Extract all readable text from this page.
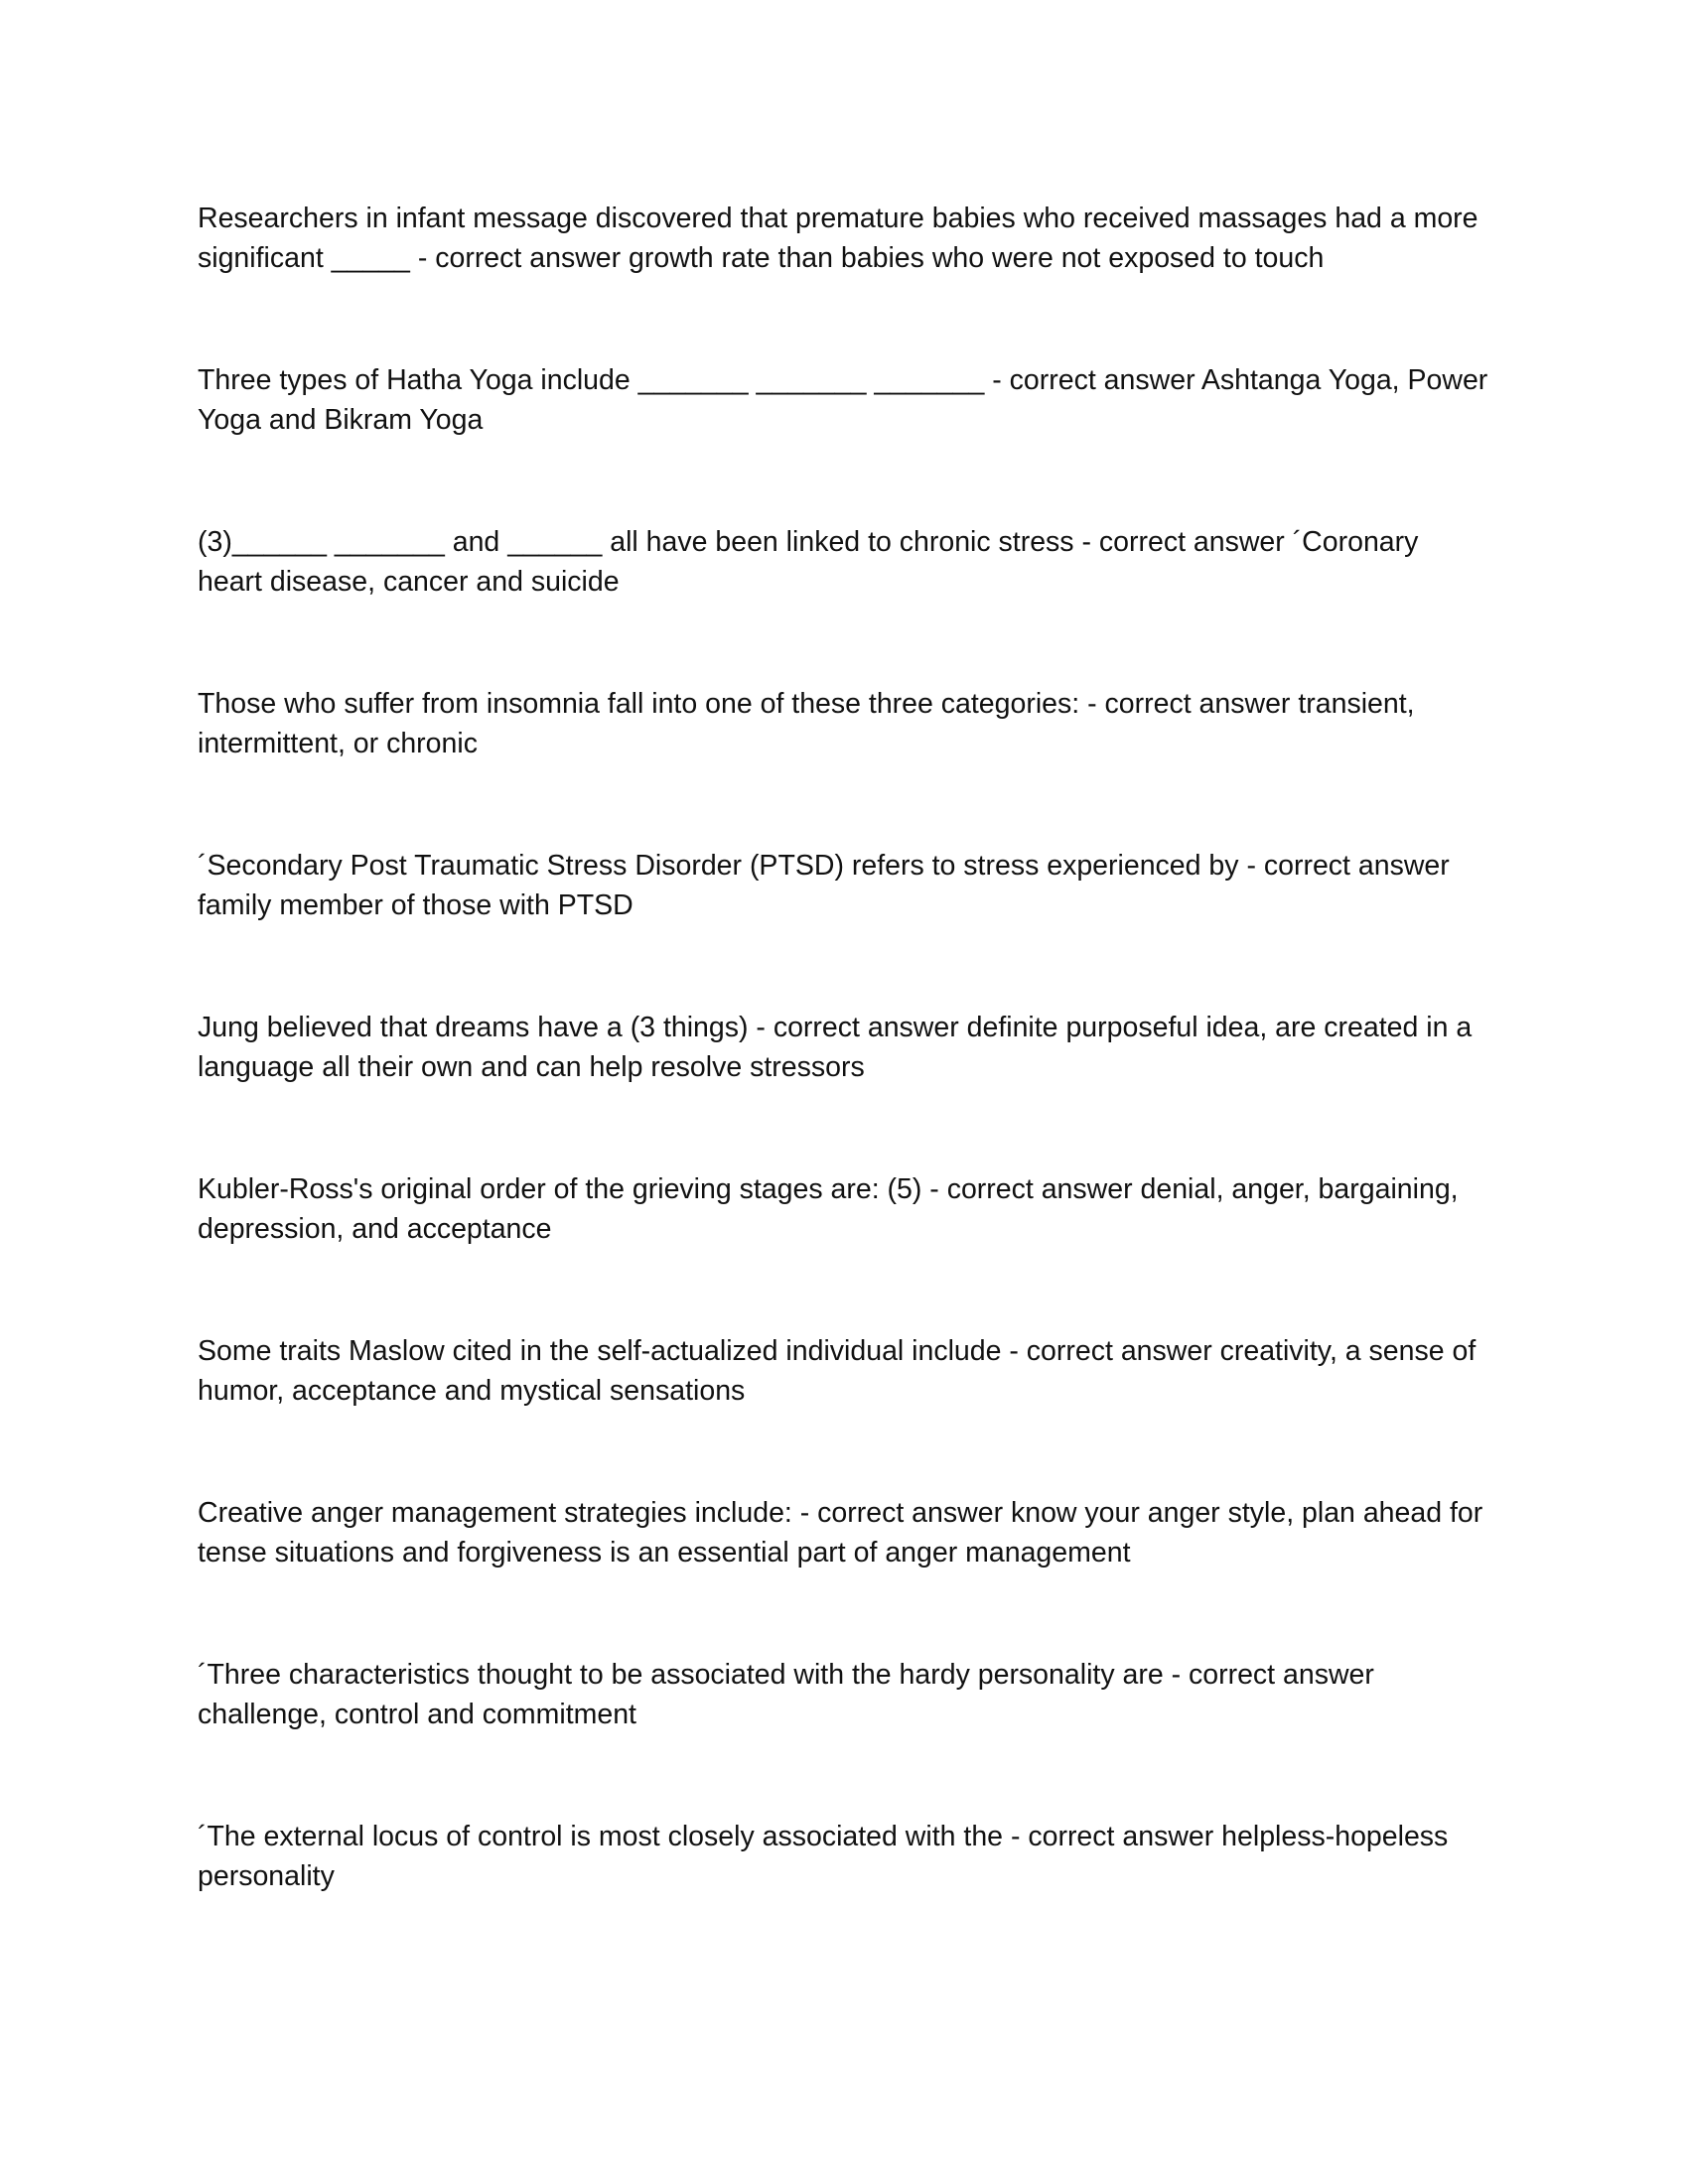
Researchers in infant message discovered that premature babies who received massages had a more significant _____ - correct answer growth rate than babies who were not exposed to touch

Three types of Hatha Yoga include _______ _______ _______ - correct answer Ashtanga Yoga, Power Yoga and Bikram Yoga

(3)______ _______ and ______ all have been linked to chronic stress - correct answer ´Coronary heart disease, cancer and suicide

Those who suffer from insomnia fall into one of these three categories: - correct answer transient, intermittent, or chronic

´Secondary Post Traumatic Stress Disorder (PTSD) refers to stress experienced by - correct answer family member of those with PTSD

Jung believed that dreams have a (3 things) - correct answer definite purposeful idea, are created in a language all their own and can help resolve stressors

Kubler-Ross's original order of the grieving stages are: (5) - correct answer denial, anger, bargaining, depression, and acceptance

Some traits Maslow cited in the self-actualized individual include - correct answer creativity, a sense of humor, acceptance and mystical sensations

Creative anger management strategies include: - correct answer know your anger style, plan ahead for tense situations and forgiveness is an essential part of anger management

´Three characteristics thought to be associated with the hardy personality are - correct answer challenge, control and commitment

´The external locus of control is most closely associated with the - correct answer helpless-hopeless personality
